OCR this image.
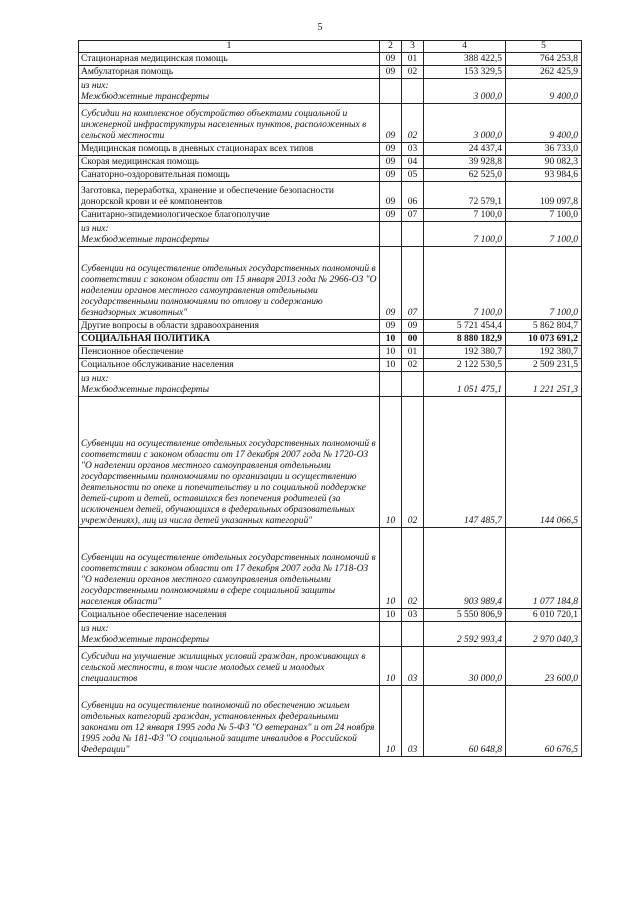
5
1	2	3	4	5
Стационарная медицинская помощь	09	01	388 422,5	764 253,8
Амбулаторная помощь	09	02	153 329,5	262 425,9
из них:
Межбюджетные трансферты			3 000,0	9 400,0
Субсидии на комплексное обустройство объектами социальной и инженерной инфраструктуры населенных пунктов, расположенных в сельской местности	09	02	3 000,0	9 400,0
Медицинская помощь в дневных стационарах всех типов	09	03	24 437,4	36 733,0
Скорая медицинская помощь	09	04	39 928,8	90 082,3
Санаторно-оздоровительная помощь	09	05	62 525,0	93 984,6
Заготовка, переработка, хранение и обеспечение безопасности донорской крови и её компонентов	09	06	72 579,1	109 097,8
Санитарно-эпидемиологическое благополучие	09	07	7 100,0	7 100,0
из них:
Межбюджетные трансферты			7 100,0	7 100,0
Субвенции на осуществление отдельных государственных полномочий в соответствии с законом области от 15 января 2013 года № 2966-ОЗ "О наделении органов местного самоуправления отдельными государственными полномочиями по отлову и содержанию безнадзорных животных"	09	07	7 100,0	7 100,0
Другие вопросы в области здравоохранения	09	09	5 721 454,4	5 862 804,7
СОЦИАЛЬНАЯ ПОЛИТИКА	10	00	8 880 182,9	10 073 691,2
Пенсионное обеспечение	10	01	192 380,7	192 380,7
Социальное обслуживание населения	10	02	2 122 530,5	2 509 231,5
из них:
Межбюджетные трансферты			1 051 475,1	1 221 251,3
Субвенции на осуществление отдельных государственных полномочий в соответствии с законом области от 17 декабря 2007 года № 1720-ОЗ "О наделении органов местного самоуправления отдельными государственными полномочиями по организации и осуществлению деятельности по опеке и попечительству и по социальной поддержке детей-сирот и детей, оставшихся без попечения родителей (за исключением детей, обучающихся в федеральных образовательных учреждениях), лиц из числа детей указанных категорий"	10	02	147 485,7	144 066,5
Субвенции на осуществление отдельных государственных полномочий в соответствии с законом области от 17 декабря 2007 года № 1718-ОЗ "О наделении органов местного самоуправления отдельными государственными полномочиями в сфере социальной защиты населения области"	10	02	903 989,4	1 077 184,8
Социальное обеспечение населения	10	03	5 550 806,9	6 010 720,1
из них:
Межбюджетные трансферты			2 592 993,4	2 970 040,3
Субсидии на улучшение жилищных условий граждан, проживающих в сельской местности, в том числе молодых семей и молодых специалистов	10	03	30 000,0	23 600,0
Субвенции на осуществление полномочий по обеспечению жильем отдельных категорий граждан, установленных федеральными законами от 12 января 1995 года № 5-ФЗ "О ветеранах" и от 24 ноября 1995 года № 181-ФЗ "О социальной защите инвалидов в Российской Федерации"	10	03	60 648,8	60 676,5
